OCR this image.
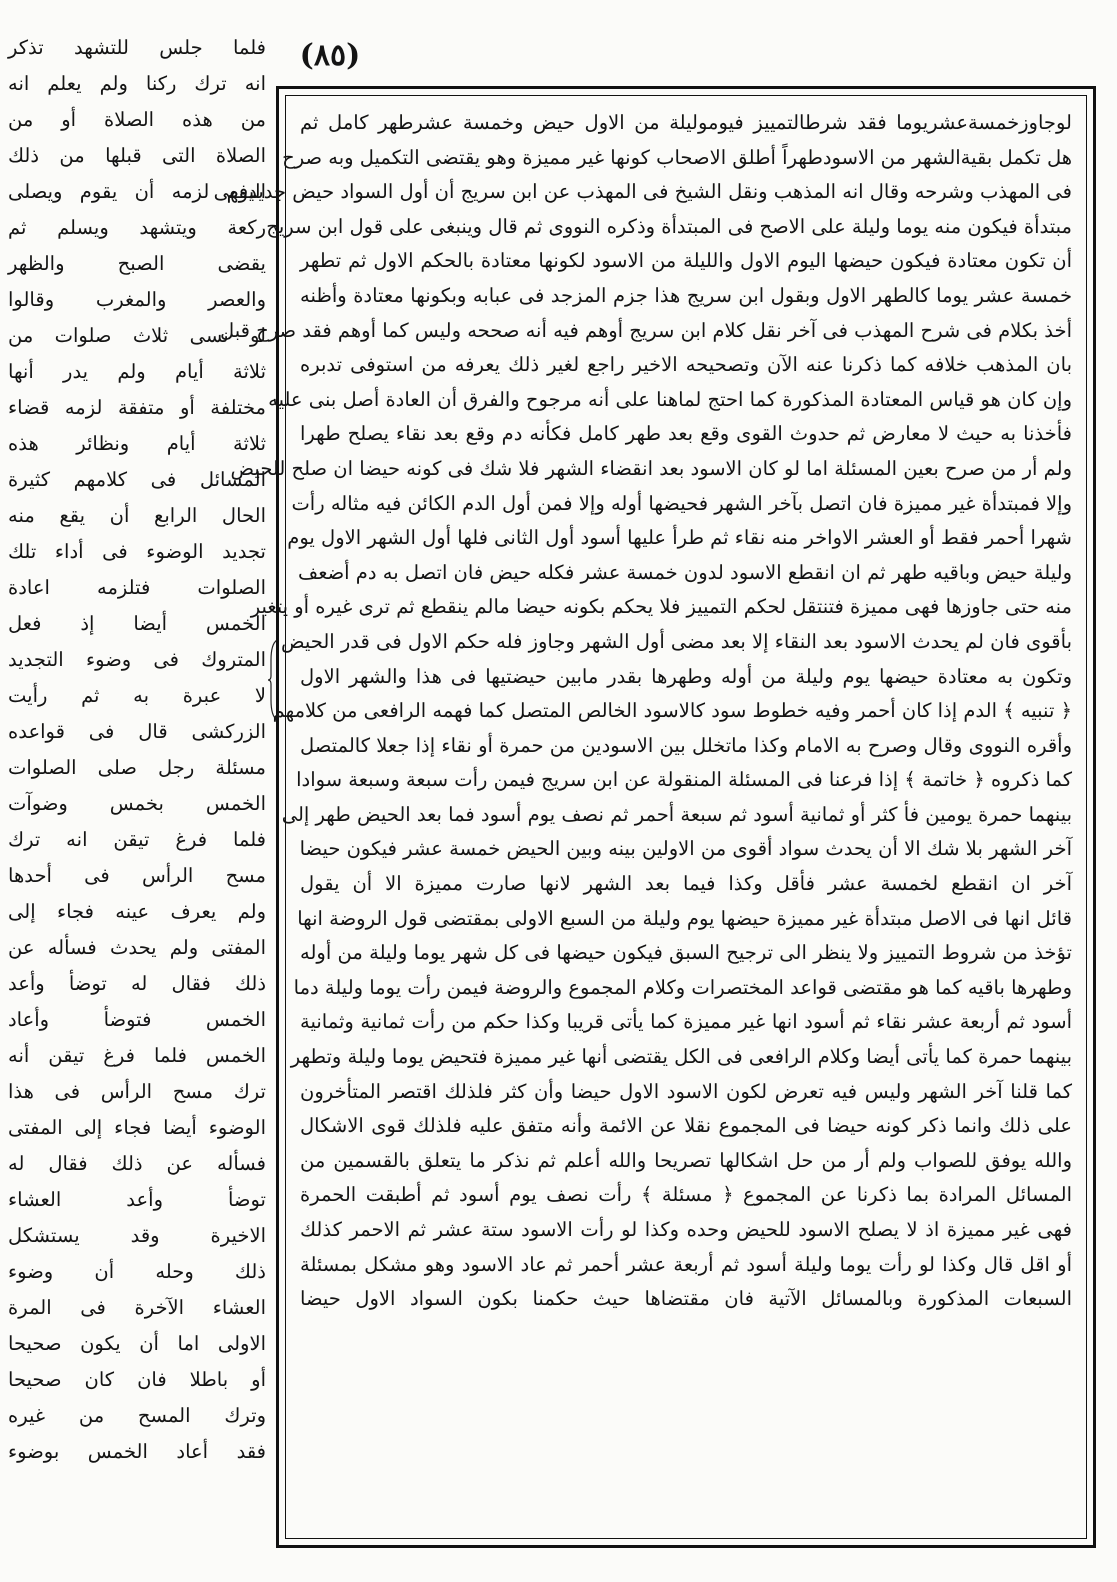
(٨٥)
فلما جلس للتشهد تذكر
انه ترك ركنا ولم يعلم انه
من هذه الصلاة أو من
الصلاة التى قبلها من ذلك
اليوم لزمه أن يقوم ويصلى
ركعة ويتشهد ويسلم ثم
يقضى الصبح والظهر
والعصر والمغرب وقالوا
لو نسى ثلاث صلوات من
ثلاثة أيام ولم يدر أنها
مختلفة أو متفقة لزمه قضاء
ثلاثة أيام ونظائر هذه
المسائل فى كلامهم كثيرة
الحال الرابع أن يقع منه
تجديد الوضوء فى أداء تلك
الصلوات فتلزمه اعادة
الخمس أيضا إذ فعل
المتروك فى وضوء التجديد
لا عبرة به ثم رأيت
الزركشى قال فى قواعده
مسئلة رجل صلى الصلوات
الخمس بخمس وضوآت
فلما فرغ تيقن انه ترك
مسح الرأس فى أحدها
ولم يعرف عينه فجاء إلى
المفتى ولم يحدث فسأله عن
ذلك فقال له توضأ وأعد
الخمس فتوضأ وأعاد
الخمس فلما فرغ تيقن أنه
ترك مسح الرأس فى هذا
الوضوء أيضا فجاء إلى المفتى
فسأله عن ذلك فقال له
توضأ وأعد العشاء
الاخيرة وقد يستشكل
ذلك وحله أن وضوء
العشاء الآخرة فى المرة
الاولى اما أن يكون صحيحا
أو باطلا فان كان صحيحا
وترك المسح من غيره
فقد أعاد الخمس بوضوء
لوجاوزخمسةعشريوما فقد شرطالتمييز فيوموليلة من الاول حيض وخمسة عشرطهر كامل ثم
هل تكمل بقيةالشهر من الاسودطهراً أطلق الاصحاب كونها غير مميزة وهو يقتضى التكميل وبه صرح
فى المهذب وشرحه وقال انه المذهب ونقل الشيخ فى المهذب عن ابن سريج أن أول السواد حيض جديدفهى
مبتدأة فيكون منه يوما وليلة على الاصح فى المبتدأة وذكره النووى ثم قال وينبغى على قول ابن سريج
أن تكون معتادة فيكون حيضها اليوم الاول والليلة من الاسود لكونها معتادة بالحكم الاول ثم تطهر
خمسة عشر يوما كالطهر الاول وبقول ابن سريج هذا جزم المزجد فى عبابه وبكونها معتادة وأظنه
أخذ بكلام فى شرح المهذب فى آخر نقل كلام ابن سريج أوهم فيه أنه صححه وليس كما أوهم فقد صرح قبل
بان المذهب خلافه كما ذكرنا عنه الآن وتصحيحه الاخير راجع لغير ذلك يعرفه من استوفى تدبره
وإن كان هو قياس المعتادة المذكورة كما احتج لماهنا على أنه مرجوح والفرق أن العادة أصل بنى عليه
فأخذنا به حيث لا معارض ثم حدوث القوى وقع بعد طهر كامل فكأنه دم وقع بعد نقاء يصلح طهرا
ولم أر من صرح بعين المسئلة اما لو كان الاسود بعد انقضاء الشهر فلا شك فى كونه حيضا ان صلح للحيض
وإلا فمبتدأة غير مميزة فان اتصل بآخر الشهر فحيضها أوله وإلا فمن أول الدم الكائن فيه مثاله رأت
شهرا أحمر فقط أو العشر الاواخر منه نقاء ثم طرأ عليها أسود أول الثانى فلها أول الشهر الاول يوم
وليلة حيض وباقيه طهر ثم ان انقطع الاسود لدون خمسة عشر فكله حيض فان اتصل به دم أضعف
منه حتى جاوزها فهى مميزة فتنتقل لحكم التمييز فلا يحكم بكونه حيضا مالم ينقطع ثم ترى غيره أو يتغير
بأقوى فان لم يحدث الاسود بعد النقاء إلا بعد مضى أول الشهر وجاوز فله حكم الاول فى قدر الحيض
وتكون به معتادة حيضها يوم وليلة من أوله وطهرها بقدر مابين حيضتيها فى هذا والشهر الاول
﴿ تنبيه ﴾ الدم إذا كان أحمر وفيه خطوط سود كالاسود الخالص المتصل كما فهمه الرافعى من كلامهم
وأقره النووى وقال وصرح به الامام وكذا ماتخلل بين الاسودين من حمرة أو نقاء إذا جعلا كالمتصل
كما ذكروه ﴿ خاتمة ﴾ إذا فرعنا فى المسئلة المنقولة عن ابن سريج فيمن رأت سبعة وسبعة سوادا
بينهما حمرة يومين فأ كثر أو ثمانية أسود ثم سبعة أحمر ثم نصف يوم أسود فما بعد الحيض طهر إلى
آخر الشهر بلا شك الا أن يحدث سواد أقوى من الاولين بينه وبين الحيض خمسة عشر فيكون حيضا
آخر ان انقطع لخمسة عشر فأقل وكذا فيما بعد الشهر لانها صارت مميزة الا أن يقول
قائل انها فى الاصل مبتدأة غير مميزة حيضها يوم وليلة من السبع الاولى بمقتضى قول الروضة انها
تؤخذ من شروط التمييز ولا ينظر الى ترجيح السبق فيكون حيضها فى كل شهر يوما وليلة من أوله
وطهرها باقيه كما هو مقتضى قواعد المختصرات وكلام المجموع والروضة فيمن رأت يوما وليلة دما
أسود ثم أربعة عشر نقاء ثم أسود انها غير مميزة كما يأتى قريبا وكذا حكم من رأت ثمانية وثمانية
بينهما حمرة كما يأتى أيضا وكلام الرافعى فى الكل يقتضى أنها غير مميزة فتحيض يوما وليلة وتطهر
كما قلنا آخر الشهر وليس فيه تعرض لكون الاسود الاول حيضا وأن كثر فلذلك اقتصر المتأخرون
على ذلك وانما ذكر كونه حيضا فى المجموع نقلا عن الائمة وأنه متفق عليه فلذلك قوى الاشكال
والله يوفق للصواب ولم أر من حل اشكالها تصريحا والله أعلم ثم نذكر ما يتعلق بالقسمين من
المسائل المرادة بما ذكرنا عن المجموع ﴿ مسئلة ﴾ رأت نصف يوم أسود ثم أطبقت الحمرة
فهى غير مميزة اذ لا يصلح الاسود للحيض وحده وكذا لو رأت الاسود ستة عشر ثم الاحمر كذلك
أو اقل قال وكذا لو رأت يوما وليلة أسود ثم أربعة عشر أحمر ثم عاد الاسود وهو مشكل بمسئلة
السبعات المذكورة وبالمسائل الآتية فان مقتضاها حيث حكمنا بكون السواد الاول حيضا
